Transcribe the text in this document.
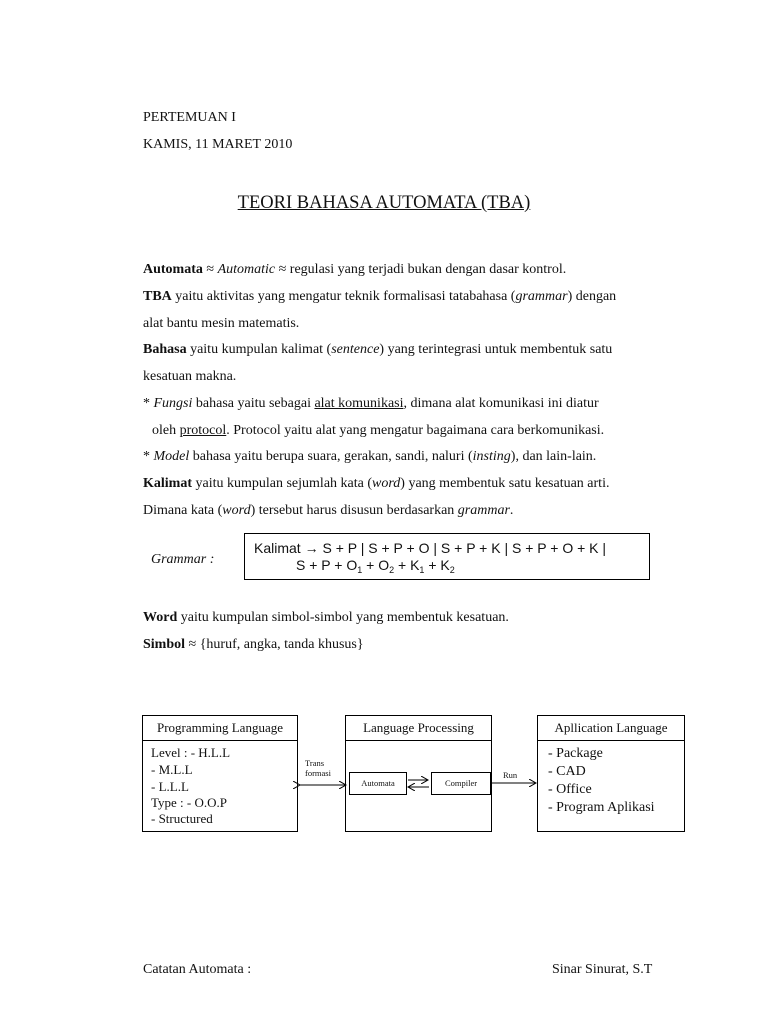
PERTEMUAN I
KAMIS, 11 MARET 2010
TEORI BAHASA AUTOMATA (TBA)
Automata ≈ Automatic ≈ regulasi yang terjadi bukan dengan dasar kontrol.
TBA yaitu aktivitas yang mengatur teknik formalisasi tatabahasa (grammar) dengan
alat bantu mesin matematis.
Bahasa yaitu kumpulan kalimat (sentence) yang terintegrasi untuk membentuk satu
kesatuan makna.
* Fungsi bahasa yaitu sebagai alat komunikasi, dimana alat komunikasi ini diatur
oleh protocol. Protocol yaitu alat yang mengatur bagaimana cara berkomunikasi.
* Model bahasa yaitu berupa suara, gerakan, sandi, naluri (insting), dan lain-lain.
Kalimat yaitu kumpulan sejumlah kata (word) yang membentuk satu kesatuan arti.
Dimana kata (word) tersebut harus disusun berdasarkan grammar.
Grammar :
Kalimat → S + P | S + P + O | S + P + K | S + P + O + K |
$S + P + O_1 + O_2 + K_1 + K_2$
Word yaitu kumpulan simbol-simbol yang membentuk kesatuan.
Simbol ≈ {huruf, angka, tanda khusus}
Programming Language
Level : - H.L.L
- M.L.L
- L.L.L
Type : - O.O.P
- Structured
Trans
formasi
Language Processing
Automata	Compiler
Run
Apllication Language
- Package
- CAD
- Office
- Program Aplikasi
Catatan Automata :	Sinar Sinurat, S.T
